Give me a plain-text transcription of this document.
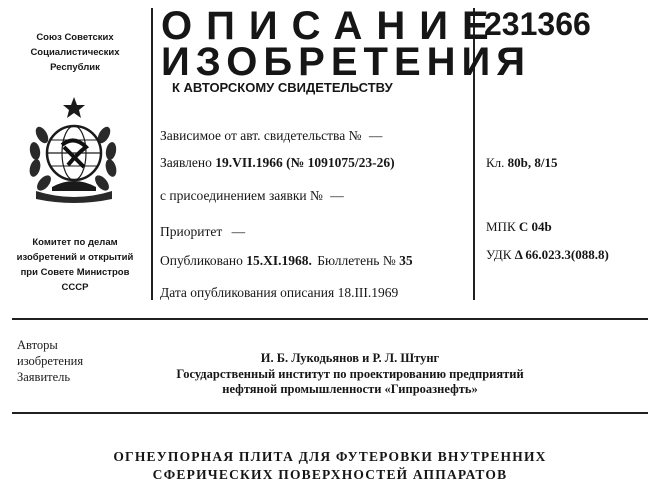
Союз Советских
Социалистических
Республик
Комитет по делам
изобретений и открытий
при Совете Министров
СССР
ОПИСАНИЕ
ИЗОБРЕТЕНИЯ
К АВТОРСКОМУ СВИДЕТЕЛЬСТВУ
231366
Зависимое от авт. свидетельства № —
Заявлено 19.VII.1966 (№ 1091075/23-26)
с присоединением заявки № —
Приоритет —
Опубликовано 15.XI.1968. Бюллетень № 35
Дата опубликования описания 18.III.1969
Кл. 80b, 8/15
МПК C 04b
УДК Δ 66.023.3(088.8)
Авторы
изобретения
Заявитель
И. Б. Лукодьянов и Р. Л. Штунг
Государственный институт по проектированию предприятий
нефтяной промышленности «Гипроазнефть»
ОГНЕУПОРНАЯ ПЛИТА ДЛЯ ФУТЕРОВКИ ВНУТРЕННИХ
СФЕРИЧЕСКИХ ПОВЕРХНОСТЕЙ АППАРАТОВ
